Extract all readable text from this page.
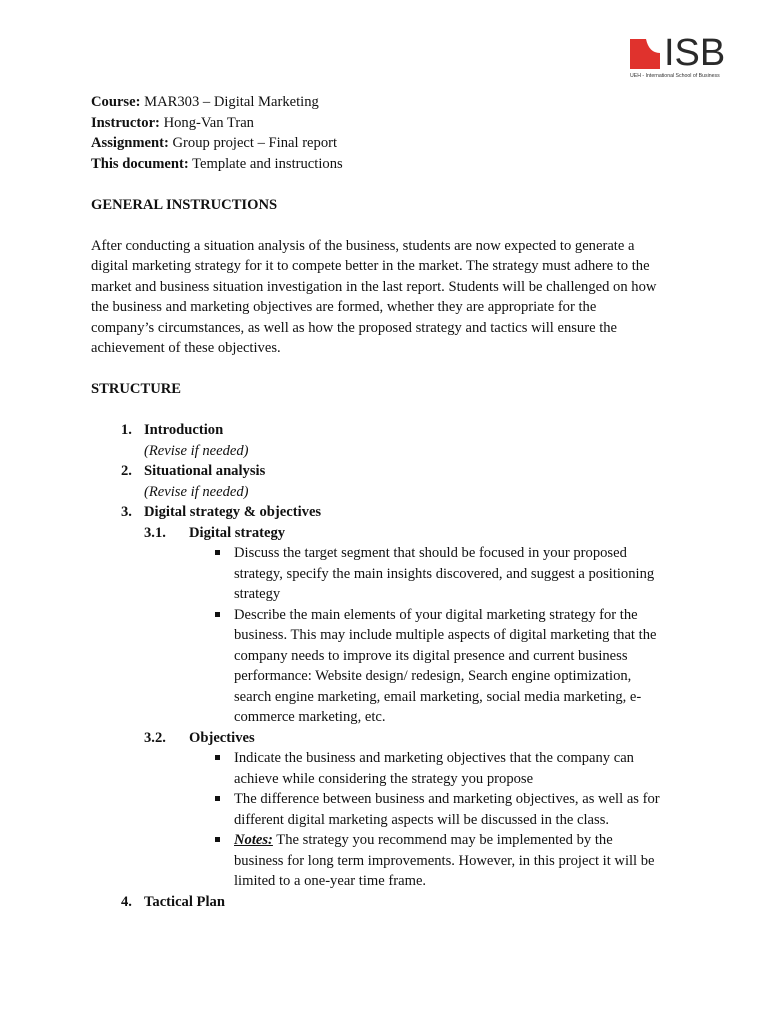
ISB
UEH - International School of Business

Course: MAR303 – Digital Marketing

Instructor: Hong-Van Tran

Assignment: Group project – Final report

This document: Template and instructions

GENERAL INSTRUCTIONS

After conducting a situation analysis of the business, students are now expected to generate a
digital marketing strategy for it to compete better in the market. The strategy must adhere to the
market and business situation investigation in the last report. Students will be challenged on how
the business and marketing objectives are formed, whether they are appropriate for the
company’s circumstances, as well as how the proposed strategy and tactics will ensure the
achievement of these objectives.

STRUCTURE

1. Introduction
(Revise if needed)
2. Situational analysis
(Revise if needed)
3. Digital strategy & objectives
3.1. Digital strategy
Discuss the target segment that should be focused in your proposed
strategy, specify the main insights discovered, and suggest a positioning
strategy
Describe the main elements of your digital marketing strategy for the
business. This may include multiple aspects of digital marketing that the
company needs to improve its digital presence and current business
performance: Website design/ redesign, Search engine optimization,
search engine marketing, email marketing, social media marketing, e-
commerce marketing, etc.
3.2. Objectives
Indicate the business and marketing objectives that the company can
achieve while considering the strategy you propose
The difference between business and marketing objectives, as well as for
different digital marketing aspects will be discussed in the class.
Notes: The strategy you recommend may be implemented by the
business for long term improvements. However, in this project it will be
limited to a one-year time frame.
4. Tactical Plan
